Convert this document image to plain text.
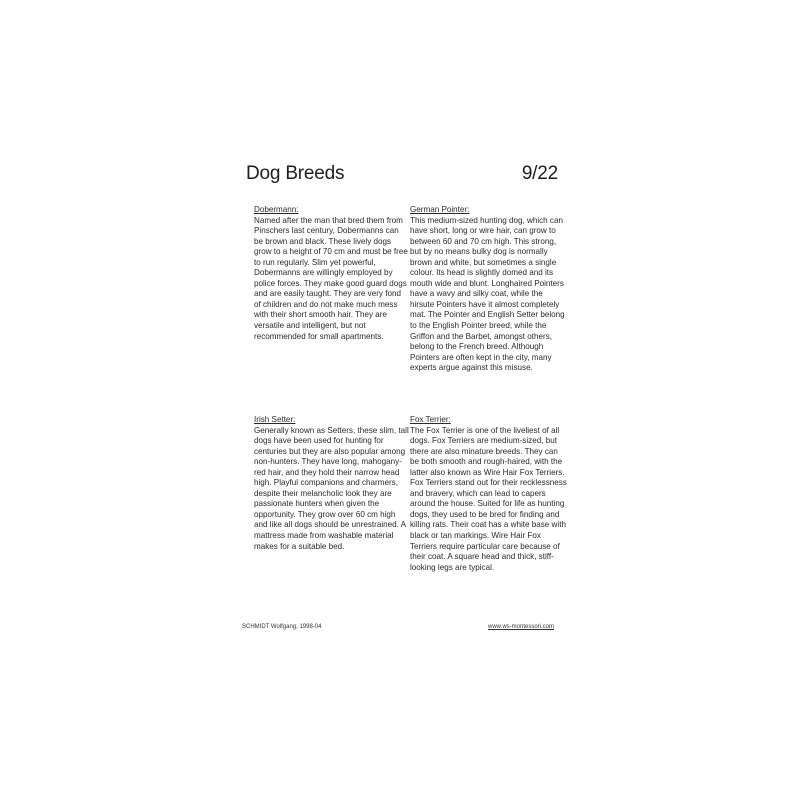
Dog Breeds	9/22
Dobermann:
Named after the man that bred them from Pinschers last century, Dobermanns can be brown and black. These lively dogs grow to a height of 70 cm and must be free to run regularly. Slim yet powerful, Dobermanns are willingly employed by police forces. They make good guard dogs and are easily taught. They are very fond of children and do not make much mess with their short smooth hair. They are versatile and intelligent, but not recommended for small apartments.
German Pointer:
This medium-sized hunting dog, which can have short, long or wire hair, can grow to between 60 and 70 cm high. This strong, but by no means bulky dog is normally brown and white, but sometimes a single colour. Its head is slightly domed and its mouth wide and blunt. Longhaired Pointers have a wavy and silky coat, while the hirsute Pointers have it almost completely mat. The Pointer and English Setter belong to the English Pointer breed, while the Griffon and the Barbet, amongst others, belong to the French breed. Although Pointers are often kept in the city, many experts argue against this misuse.
Irish Setter:
Generally known as Setters, these slim, tall dogs have been used for hunting for centuries but they are also popular among non-hunters. They have long, mahogany-red hair, and they hold their narrow head high. Playful companions and charmers, despite their melancholic look they are passionate hunters when given the opportunity. They grow over 60 cm high and like all dogs should be unrestrained. A mattress made from washable material makes for a suitable bed.
Fox Terrier:
The Fox Terrier is one of the liveliest of all dogs. Fox Terriers are medium-sized, but there are also minature breeds. They can be both smooth and rough-haired, with the latter also known as Wire Hair Fox Terriers. Fox Terriers stand out for their recklessness and bravery, which can lead to capers around the house. Suited for life as hunting dogs, they used to be bred for finding and killing rats. Their coat has a white base with black or tan markings. Wire Hair Fox Terriers require particular care because of their coat. A square head and thick, stiff-looking legs are typical.
SCHMIDT Wolfgang, 1998-04	www.ws-montessori.com
